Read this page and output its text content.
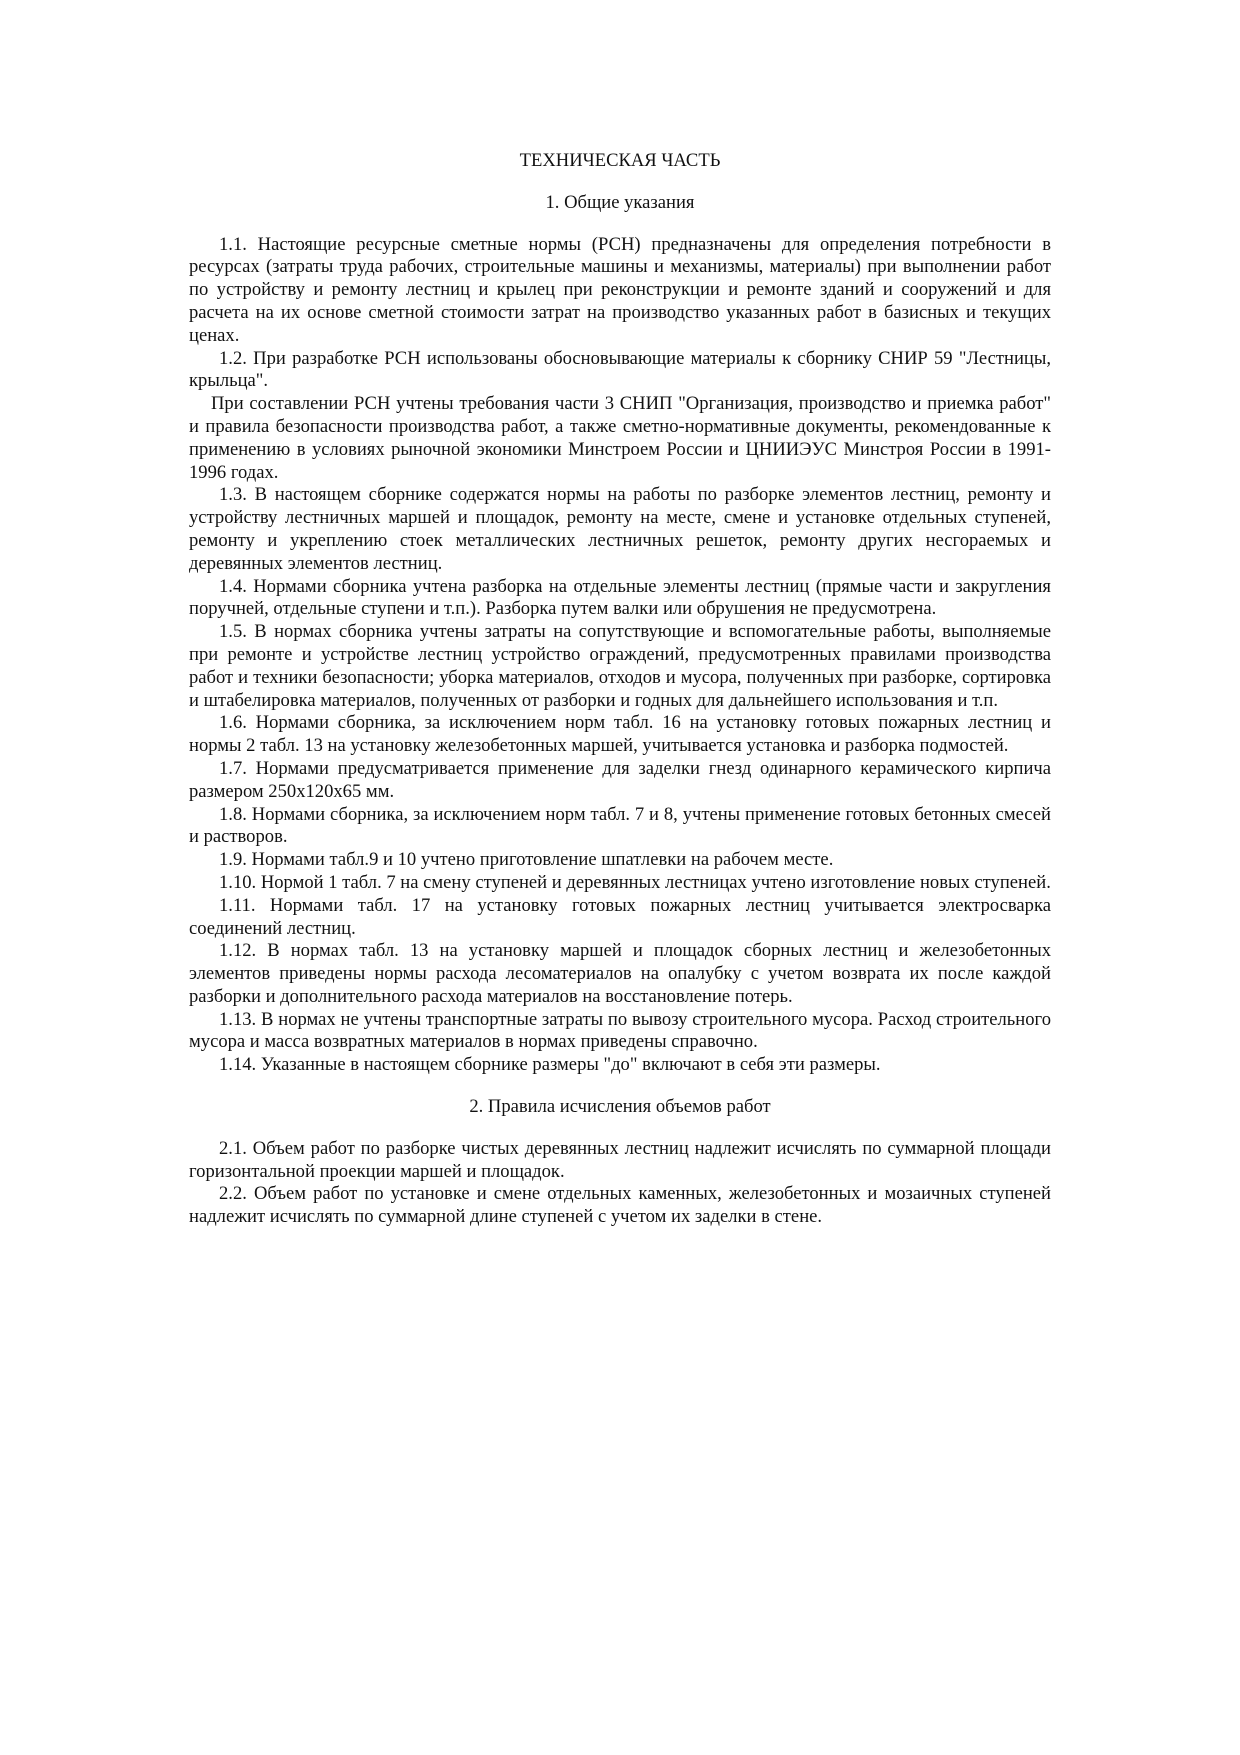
ТЕХНИЧЕСКАЯ ЧАСТЬ
1. Общие указания

1.1. Настоящие ресурсные сметные нормы (РСН) предназначены для определения потребности в ресурсах (затраты труда рабочих, строительные машины и механизмы, материалы) при выполнении работ по устройству и ремонту лестниц и крылец при реконструкции и ремонте зданий и сооружений и для расчета на их основе сметной стоимости затрат на производство указанных работ в базисных и текущих ценах.

1.2. При разработке РСН использованы обосновывающие материалы к сборнику СНИР 59 "Лестницы, крыльца".

При составлении РСН учтены требования части 3 СНИП "Организация, производство и приемка работ" и правила безопасности производства работ, а также сметно-нормативные документы, рекомендованные к применению в условиях рыночной экономики Минстроем России и ЦНИИЭУС Минстроя России в 1991-1996 годах.

1.3. В настоящем сборнике содержатся нормы на работы по разборке элементов лестниц, ремонту и устройству лестничных маршей и площадок, ремонту на месте, смене и установке отдельных ступеней, ремонту и укреплению стоек металлических лестничных решеток, ремонту других несгораемых и деревянных элементов лестниц.

1.4. Нормами сборника учтена разборка на отдельные элементы лестниц (прямые части и закругления поручней, отдельные ступени и т.п.). Разборка путем валки или обрушения не предусмотрена.

1.5. В нормах сборника учтены затраты на сопутствующие и вспомогательные работы, выполняемые при ремонте и устройстве лестниц устройство ограждений, предусмотренных правилами производства работ и техники безопасности; уборка материалов, отходов и мусора, полученных при разборке, сортировка и штабелировка материалов, полученных от разборки и годных для дальнейшего использования и т.п.

1.6. Нормами сборника, за исключением норм табл. 16 на установку готовых пожарных лестниц и нормы 2 табл. 13 на установку железобетонных маршей, учитывается установка и разборка подмостей.

1.7. Нормами предусматривается применение для заделки гнезд одинарного керамического кирпича размером 250х120х65 мм.

1.8. Нормами сборника, за исключением норм табл. 7 и 8, учтены применение готовых бетонных смесей и растворов.

1.9. Нормами табл.9 и 10 учтено приготовление шпатлевки на рабочем месте.

1.10. Нормой 1 табл. 7 на смену ступеней и деревянных лестницах учтено изготовление новых ступеней.

1.11. Нормами табл. 17 на установку готовых пожарных лестниц учитывается электросварка соединений лестниц.

1.12. В нормах табл. 13 на установку маршей и площадок сборных лестниц и железобетонных элементов приведены нормы расхода лесоматериалов на опалубку с учетом возврата их после каждой разборки и дополнительного расхода материалов на восстановление потерь.

1.13. В нормах не учтены транспортные затраты по вывозу строительного мусора. Расход строительного мусора и масса возвратных материалов в нормах приведены справочно.

1.14. Указанные в настоящем сборнике размеры "до" включают в себя эти размеры.

2. Правила исчисления объемов работ

2.1. Объем работ по разборке чистых деревянных лестниц надлежит исчислять по суммарной площади горизонтальной проекции маршей и площадок.

2.2. Объем работ по установке и смене отдельных каменных, железобетонных и мозаичных ступеней надлежит исчислять по суммарной длине ступеней с учетом их заделки в стене.
